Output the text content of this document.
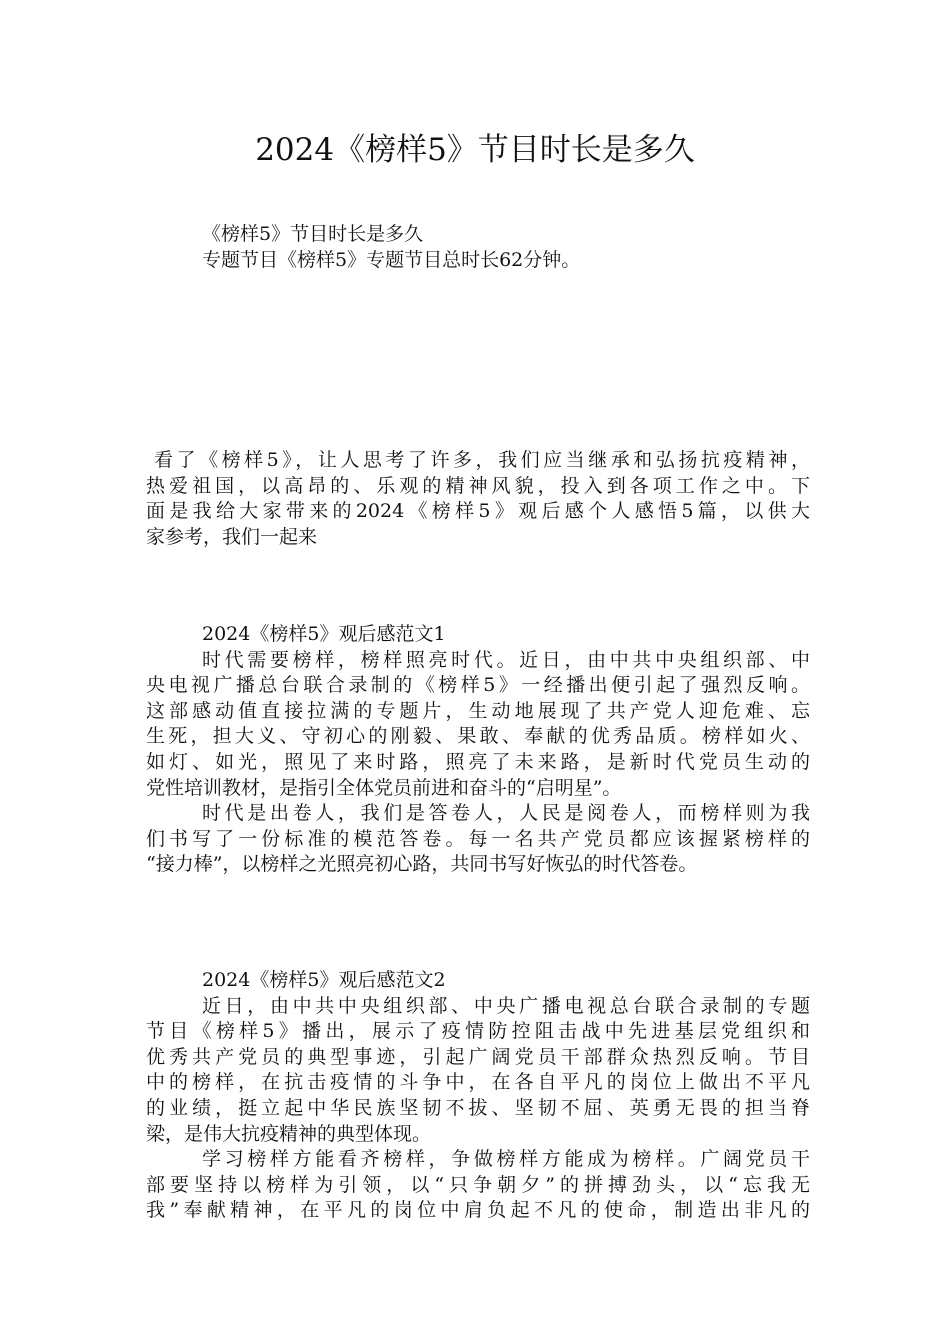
2024《榜样5》节目时长是多久
《榜样5》节目时长是多久
专题节目《榜样5》专题节目总时长62分钟。
看了《榜样5》，让人思考了许多，我们应当继承和弘扬抗疫精神，
热爱祖国，以高昂的、乐观的精神风貌，投入到各项工作之中。下
面是我给大家带来的2024《榜样5》观后感个人感悟5篇，以供大
家参考，我们一起来
2024《榜样5》观后感范文1
时代需要榜样，榜样照亮时代。近日，由中共中央组织部、中
央电视广播总台联合录制的《榜样5》一经播出便引起了强烈反响。
这部感动值直接拉满的专题片，生动地展现了共产党人迎危难、忘
生死，担大义、守初心的刚毅、果敢、奉献的优秀品质。榜样如火、
如灯、如光，照见了来时路，照亮了未来路，是新时代党员生动的
党性培训教材，是指引全体党员前进和奋斗的“启明星”。
时代是出卷人，我们是答卷人，人民是阅卷人，而榜样则为我
们书写了一份标准的模范答卷。每一名共产党员都应该握紧榜样的
“接力棒”，以榜样之光照亮初心路，共同书写好恢弘的时代答卷。
2024《榜样5》观后感范文2
近日，由中共中央组织部、中央广播电视总台联合录制的专题
节目《榜样5》播出，展示了疫情防控阻击战中先进基层党组织和
优秀共产党员的典型事迹，引起广阔党员干部群众热烈反响。节目
中的榜样，在抗击疫情的斗争中，在各自平凡的岗位上做出不平凡
的业绩，挺立起中华民族坚韧不拔、坚韧不屈、英勇无畏的担当脊
梁，是伟大抗疫精神的典型体现。
学习榜样方能看齐榜样，争做榜样方能成为榜样。广阔党员干
部要坚持以榜样为引领，以“只争朝夕”的拼搏劲头，以“忘我无
我”奉献精神，在平凡的岗位中肩负起不凡的使命，制造出非凡的
